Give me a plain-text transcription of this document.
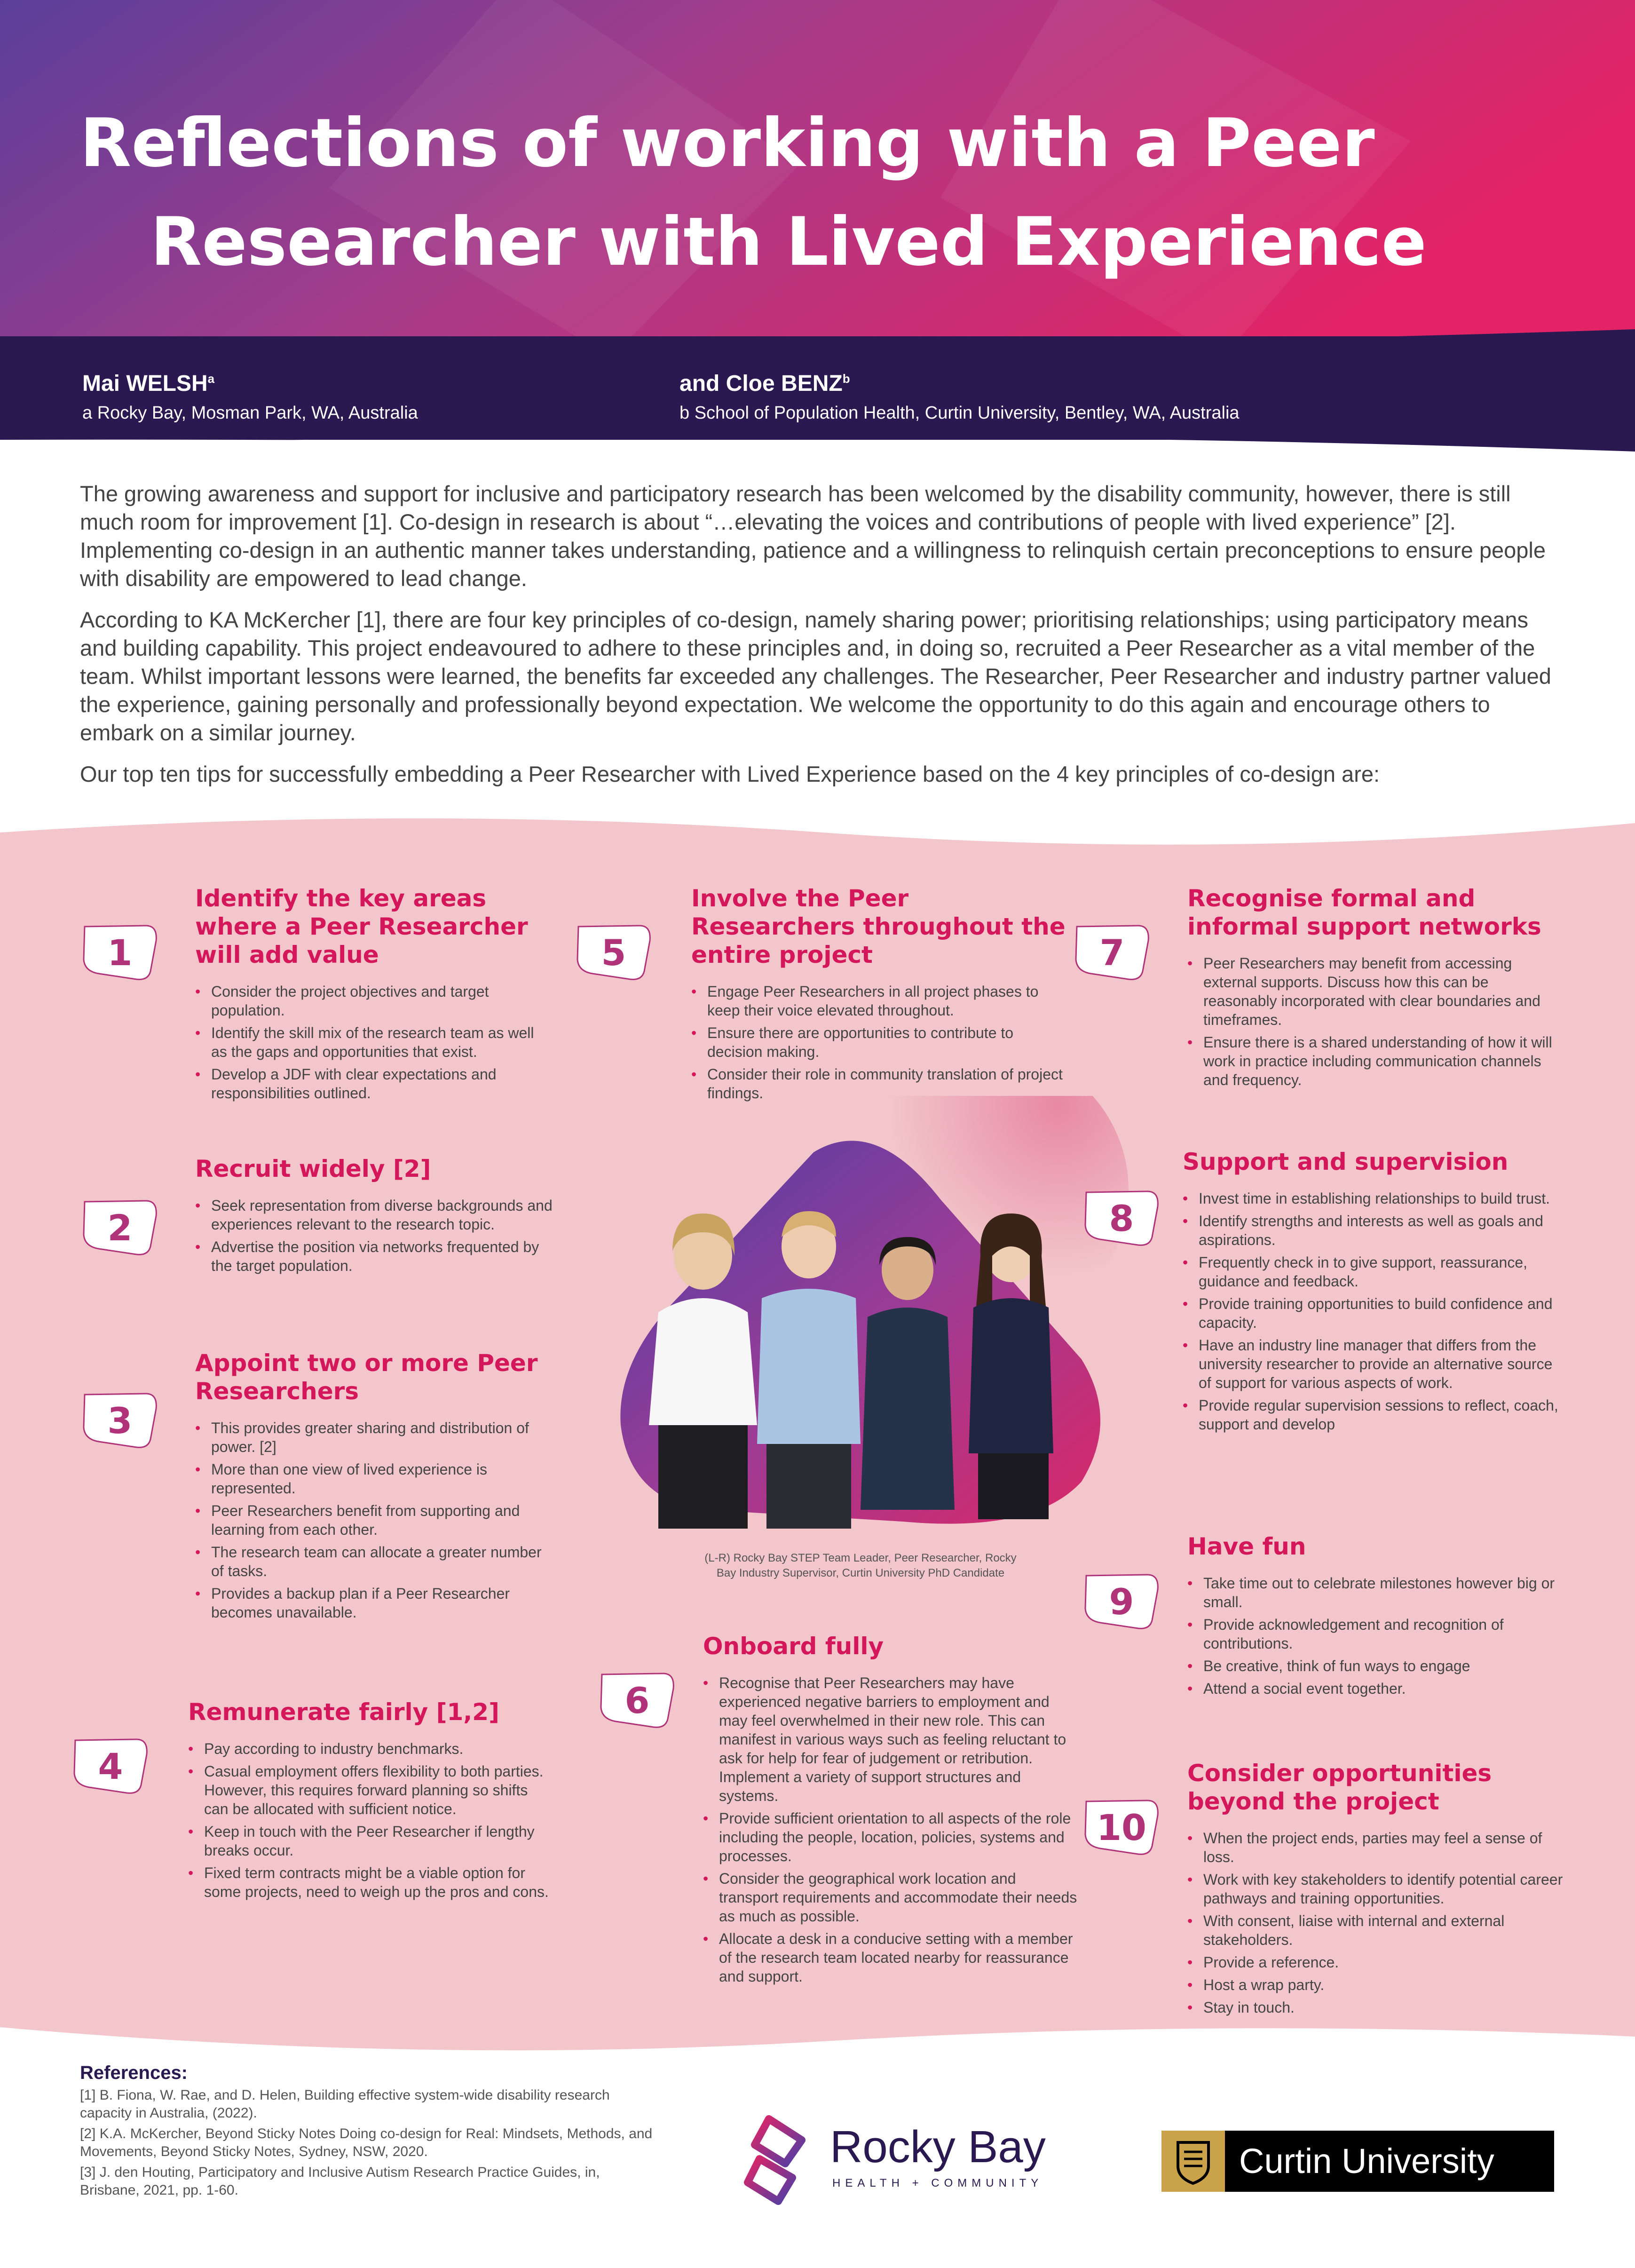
Reflections of working with a Peer
Researcher with Lived Experience
Mai WELSH$^a$
a Rocky Bay, Mosman Park, WA, Australia
and Cloe BENZ$^b$
b School of Population Health, Curtin University, Bentley, WA, Australia

The growing awareness and support for inclusive and participatory research has been welcomed by the disability community, however, there is still much room for improvement [1]. Co-design in research is about “…elevating the voices and contributions of people with lived experience” [2]. Implementing co-design in an authentic manner takes understanding, patience and a willingness to relinquish certain preconceptions to ensure people with disability are empowered to lead change.

According to KA McKercher [1], there are four key principles of co-design, namely sharing power; prioritising relationships; using participatory means and building capability. This project endeavoured to adhere to these principles and, in doing so, recruited a Peer Researcher as a vital member of the team. Whilst important lessons were learned, the benefits far exceeded any challenges. The Researcher, Peer Researcher and industry partner valued the experience, gaining personally and professionally beyond expectation. We welcome the opportunity to do this again and encourage others to embark on a similar journey.

Our top ten tips for successfully embedding a Peer Researcher with Lived Experience based on the 4 key principles of co-design are:

(L-R) Rocky Bay STEP Team Leader, Peer Researcher, Rocky Bay Industry Supervisor, Curtin University PhD Candidate
1
Identify the key areas where a Peer Researcher will add value
• Consider the project objectives and target population.
• Identify the skill mix of the research team as well as the gaps and opportunities that exist.
• Develop a JDF with clear expectations and responsibilities outlined.
2
Recruit widely [2]
• Seek representation from diverse backgrounds and experiences relevant to the research topic.
• Advertise the position via networks frequented by the target population.
3
Appoint two or more Peer Researchers
• This provides greater sharing and distribution of power. [2]
• More than one view of lived experience is represented.
• Peer Researchers benefit from supporting and learning from each other.
• The research team can allocate a greater number of tasks.
• Provides a backup plan if a Peer Researcher becomes unavailable.
4
Remunerate fairly [1,2]
• Pay according to industry benchmarks.
• Casual employment offers flexibility to both parties. However, this requires forward planning so shifts can be allocated with sufficient notice.
• Keep in touch with the Peer Researcher if lengthy breaks occur.
• Fixed term contracts might be a viable option for some projects, need to weigh up the pros and cons.
5
Involve the Peer Researchers throughout the entire project
• Engage Peer Researchers in all project phases to keep their voice elevated throughout.
• Ensure there are opportunities to contribute to decision making.
• Consider their role in community translation of project findings.
6
Onboard fully
• Recognise that Peer Researchers may have experienced negative barriers to employment and may feel overwhelmed in their new role. This can manifest in various ways such as feeling reluctant to ask for help for fear of judgement or retribution. Implement a variety of support structures and systems.
• Provide sufficient orientation to all aspects of the role including the people, location, policies, systems and processes.
• Consider the geographical work location and transport requirements and accommodate their needs as much as possible.
• Allocate a desk in a conducive setting with a member of the research team located nearby for reassurance and support.
7
Recognise formal and informal support networks
• Peer Researchers may benefit from accessing external supports. Discuss how this can be reasonably incorporated with clear boundaries and timeframes.
• Ensure there is a shared understanding of how it will work in practice including communication channels and frequency.
8
Support and supervision
• Invest time in establishing relationships to build trust.
• Identify strengths and interests as well as goals and aspirations.
• Frequently check in to give support, reassurance, guidance and feedback.
• Provide training opportunities to build confidence and capacity.
• Have an industry line manager that differs from the university researcher to provide an alternative source of support for various aspects of work.
• Provide regular supervision sessions to reflect, coach, support and develop
9
Have fun
• Take time out to celebrate milestones however big or small.
• Provide acknowledgement and recognition of contributions.
• Be creative, think of fun ways to engage
• Attend a social event together.
10
Consider opportunities beyond the project
• When the project ends, parties may feel a sense of loss.
• Work with key stakeholders to identify potential career pathways and training opportunities.
• With consent, liaise with internal and external stakeholders.
• Provide a reference.
• Host a wrap party.
• Stay in touch.
References:
[1] B. Fiona, W. Rae, and D. Helen, Building effective system-wide disability research capacity in Australia, (2022).
[2] K.A. McKercher, Beyond Sticky Notes Doing co-design for Real: Mindsets, Methods, and Movements, Beyond Sticky Notes, Sydney, NSW, 2020.
[3] J. den Houting, Participatory and Inclusive Autism Research Practice Guides, in, Brisbane, 2021, pp. 1-60.
Rocky Bay
HEALTH + COMMUNITY
Curtin University
